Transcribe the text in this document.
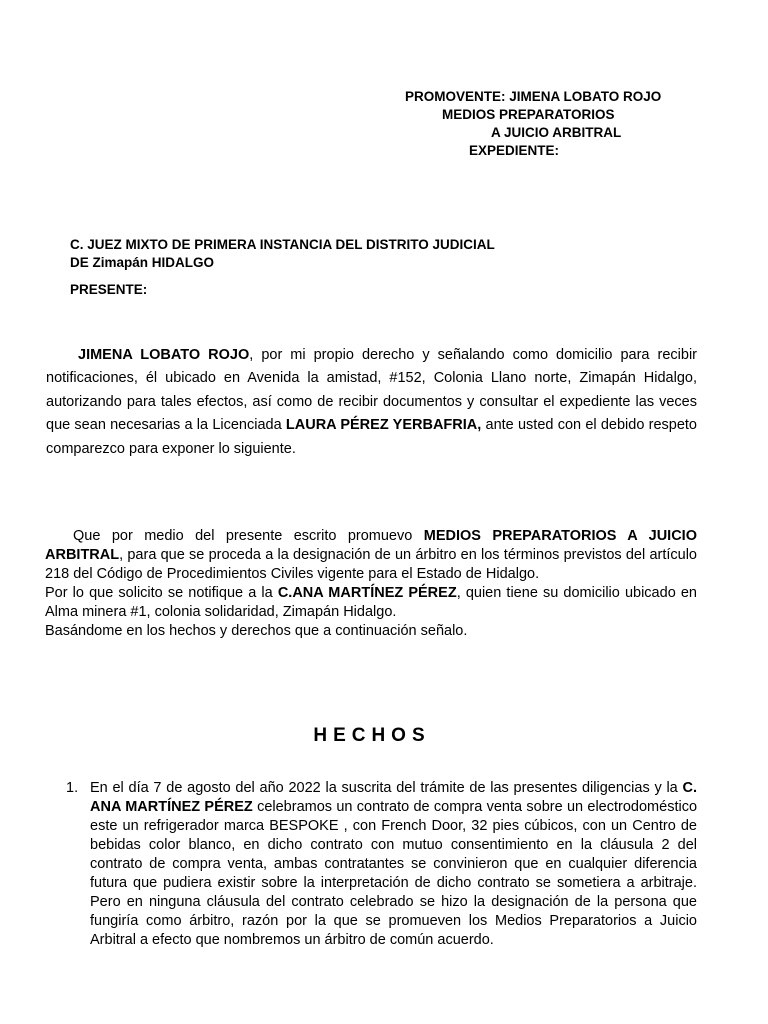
PROMOVENTE: JIMENA LOBATO ROJO
MEDIOS PREPARATORIOS
A JUICIO ARBITRAL
EXPEDIENTE:
C. JUEZ MIXTO DE PRIMERA INSTANCIA DEL DISTRITO JUDICIAL
DE Zimapán HIDALGO
PRESENTE:
JIMENA LOBATO ROJO, por mi propio derecho y señalando como domicilio para recibir notificaciones, él ubicado en Avenida la amistad, #152, Colonia Llano norte, Zimapán Hidalgo, autorizando para tales efectos, así como de recibir documentos y consultar el expediente las veces que sean necesarias a la Licenciada LAURA PÉREZ YERBAFRIA, ante usted con el debido respeto comparezco para exponer lo siguiente.

Que por medio del presente escrito promuevo MEDIOS PREPARATORIOS A JUICIO ARBITRAL, para que se proceda a la designación de un árbitro en los términos previstos del artículo 218 del Código de Procedimientos Civiles vigente para el Estado de Hidalgo.

Por lo que solicito se notifique a la C.ANA MARTÍNEZ PÉREZ, quien tiene su domicilio ubicado en Alma minera #1, colonia solidaridad, Zimapán Hidalgo.

Basándome en los hechos y derechos que a continuación señalo.

HECHOS
1. En el día 7 de agosto del año 2022 la suscrita del trámite de las presentes diligencias y la C. ANA MARTÍNEZ PÉREZ celebramos un contrato de compra venta sobre un electrodoméstico este un refrigerador marca BESPOKE , con French Door, 32 pies cúbicos, con un Centro de bebidas color blanco, en dicho contrato con mutuo consentimiento en la cláusula 2 del contrato de compra venta, ambas contratantes se convinieron que en cualquier diferencia futura que pudiera existir sobre la interpretación de dicho contrato se sometiera a arbitraje. Pero en ninguna cláusula del contrato celebrado se hizo la designación de la persona que fungiría como árbitro, razón por la que se promueven los Medios Preparatorios a Juicio Arbitral a efecto que nombremos un árbitro de común acuerdo.
